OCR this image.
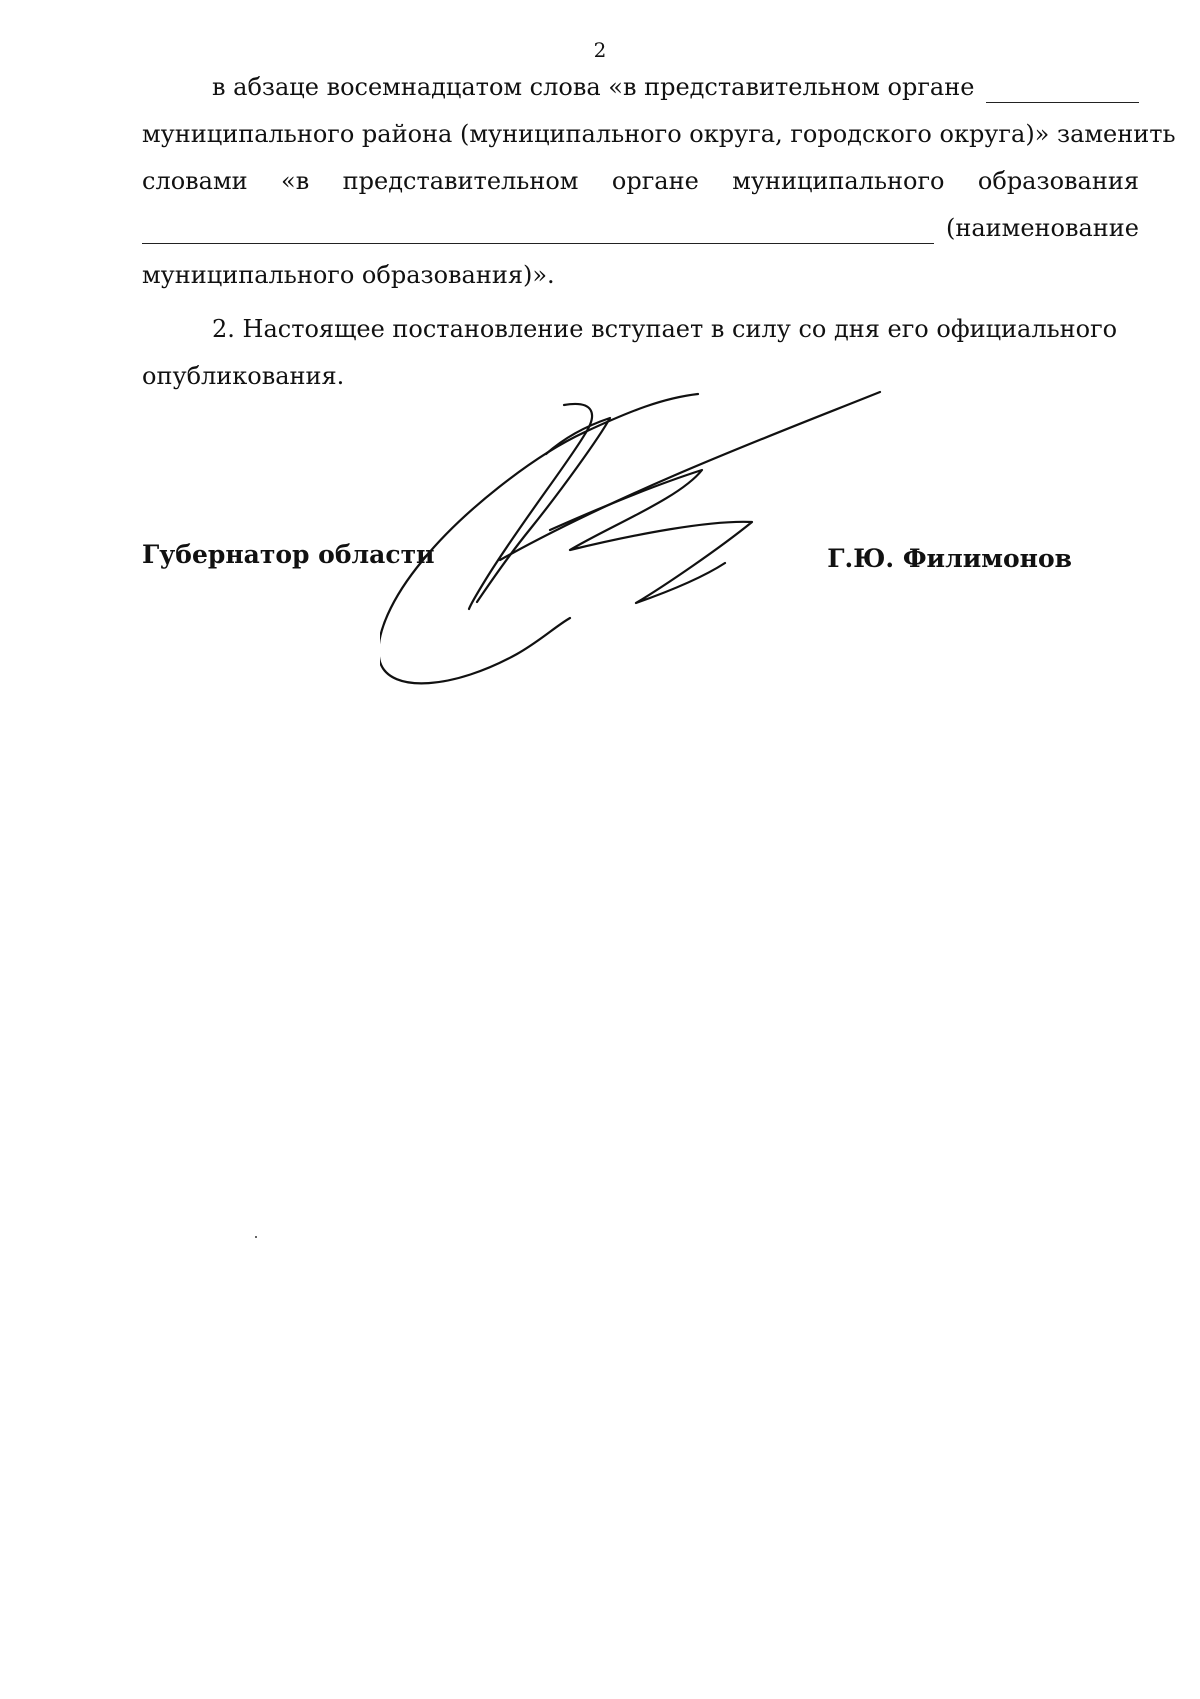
2
в абзаце восемнадцатом слова «в представительном органе
муниципального района (муниципального округа, городского округа)» заменить
словами «в представительном органе муниципального образования
(наименование
муниципального образования)».
2. Настоящее постановление вступает в силу со дня его официального
опубликования.
Губернатор области	Г.Ю. Филимонов
